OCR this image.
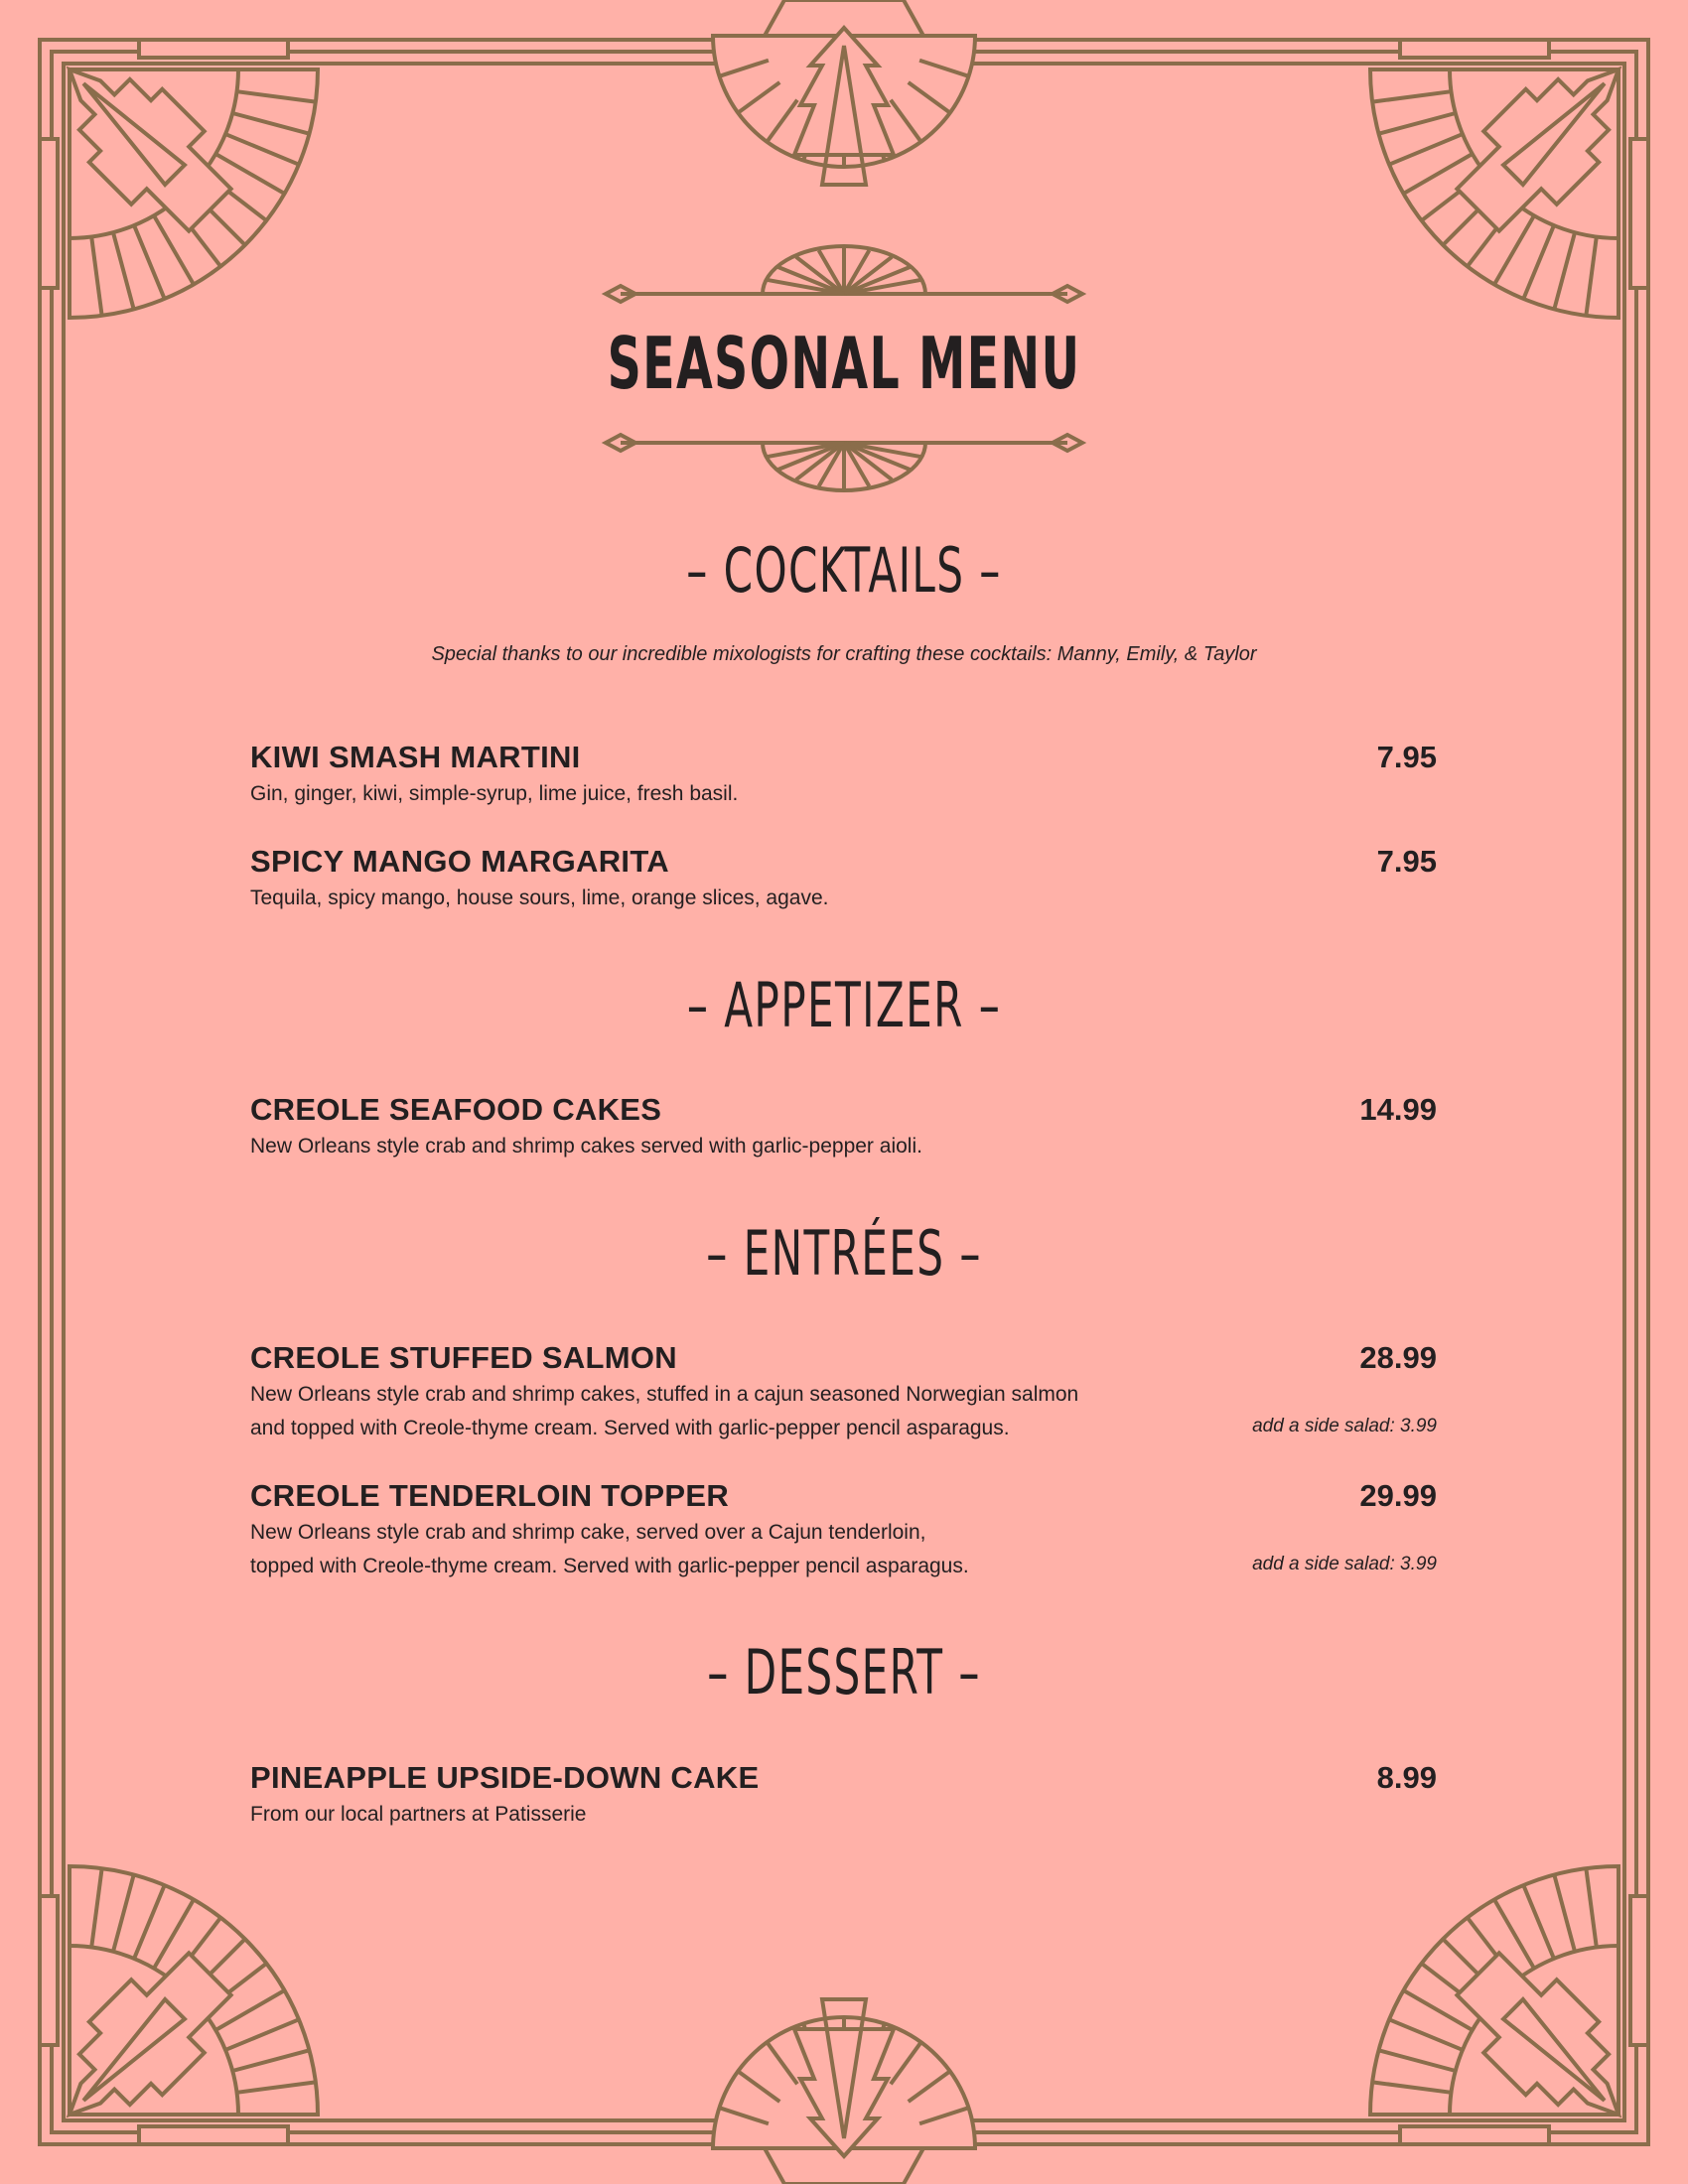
SEASONAL MENU
– COCKTAILS –
Special thanks to our incredible mixologists for crafting these cocktails: Manny, Emily, & Taylor
KIWI SMASH MARTINI	7.95
Gin, ginger, kiwi, simple-syrup, lime juice, fresh basil.
SPICY MANGO MARGARITA	7.95
Tequila, spicy mango, house sours, lime, orange slices, agave.
– APPETIZER –
CREOLE SEAFOOD CAKES	14.99
New Orleans style crab and shrimp cakes served with garlic-pepper aioli.
– ENTRÉES –
CREOLE STUFFED SALMON	28.99
New Orleans style crab and shrimp cakes, stuffed in a cajun seasoned Norwegian salmon
and topped with Creole-thyme cream. Served with garlic-pepper pencil asparagus.	add a side salad: 3.99
CREOLE TENDERLOIN TOPPER	29.99
New Orleans style crab and shrimp cake, served over a Cajun tenderloin,
topped with Creole-thyme cream. Served with garlic-pepper pencil asparagus.	add a side salad: 3.99
– DESSERT –
PINEAPPLE UPSIDE-DOWN CAKE	8.99
From our local partners at Patisserie
